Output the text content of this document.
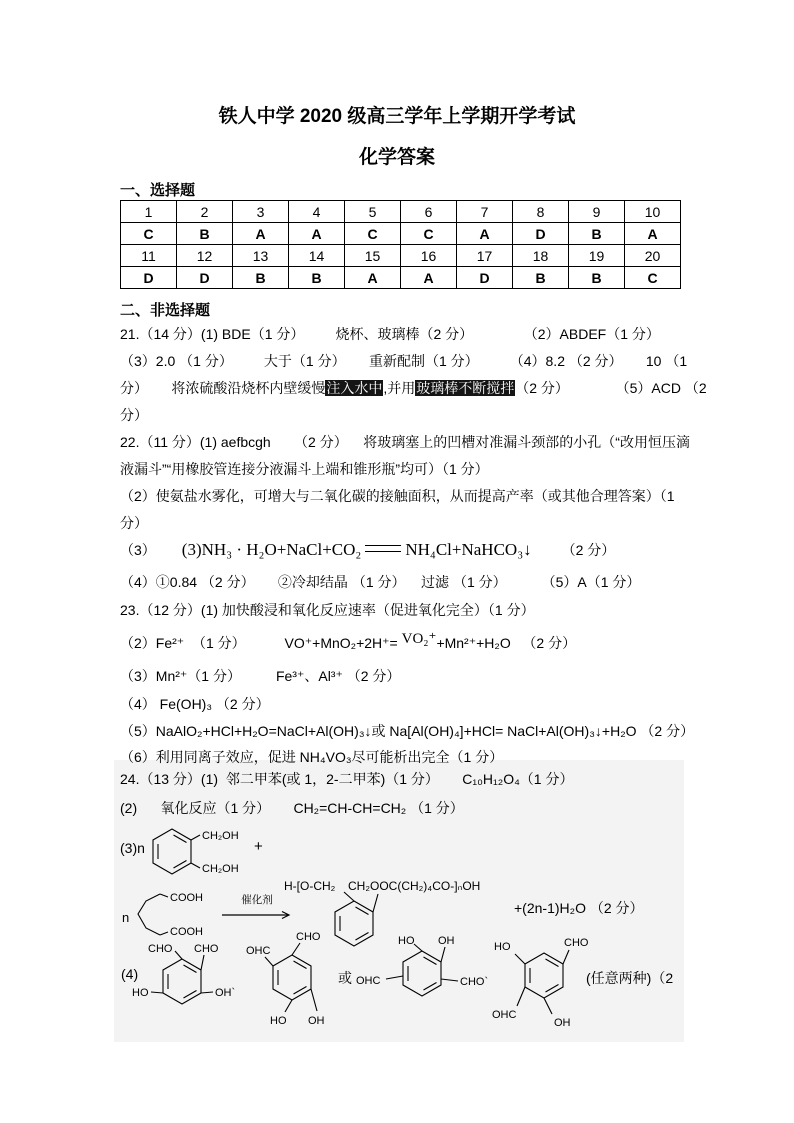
铁人中学 2020 级高三学年上学期开学考试
化学答案
一、选择题
1	2	3	4	5	6	7	8	9	10
C	B	A	A	C	C	A	D	B	A
11	12	13	14	15	16	17	18	19	20
D	D	B	B	A	A	D	B	B	C
二、非选择题
21.（14 分）(1) BDE（1 分）        烧杯、玻璃棒（2 分）             （2）ABDEF（1 分）
（3）2.0 （1 分）        大于（1 分）      重新配制（1 分）        （4）8.2 （2 分）      10 （1
分）      将浓硫酸沿烧杯内壁缓慢注入水中,并用玻璃棒不断搅拌（2 分）            （5）ACD （2
分）
22.（11 分）(1) aefbcgh      （2 分）    将玻璃塞上的凹槽对准漏斗颈部的小孔（“改用恒压滴
液漏斗”“用橡胶管连接分液漏斗上端和锥形瓶”均可）（1 分）
（2）使氨盐水雾化，可增大与二氧化碳的接触面积，从而提高产率（或其他合理答案）（1
分）
（3） (3)NH₃ · H₂O+NaCl+CO₂	NH₄Cl+NaHCO₃↓ （2 分）
（4）①0.84 （2 分）      ②冷却结晶 （1 分）    过滤 （1 分）         （5）A（1 分）
23.（12 分）(1) 加快酸浸和氧化反应速率（促进氧化完全）（1 分）
（2）Fe²⁺  （1 分）          VO⁺+MnO₂+2H⁺= VO₂⁺+Mn²⁺+H₂O   （2 分）
（3）Mn²⁺（1 分）         Fe³⁺、Al³⁺ （2 分）
（4） Fe(OH)₃ （2 分）
（5）NaAlO₂+HCl+H₂O=NaCl+Al(OH)₃↓或 Na[Al(OH)₄]+HCl= NaCl+Al(OH)₃↓+H₂O （2 分）
（6）利用同离子效应，促进 NH₄VO₃尽可能析出完全（1 分）
24.（13 分）(1)  邻二甲苯(或 1，2-二甲苯)（1 分）      C₁₀H₁₂O₄（1 分）
(2)      氧化反应（1 分）      CH₂=CH-CH=CH₂ （1 分）
(3)n
CH₂OH
CH₂OH
+
n
COOH
COOH
催化剂
H-[O-CH₂ CH₂OOC(CH₂)₄CO-]ₙOH
+(2n-1)H₂O （2 分）
(4)
CHO CHO
HO	OH`
OHC
CHO
HO OH
或
HO OH
OHC	CHO`
HO	CHO
OHC
OH
(任意两种)（2
